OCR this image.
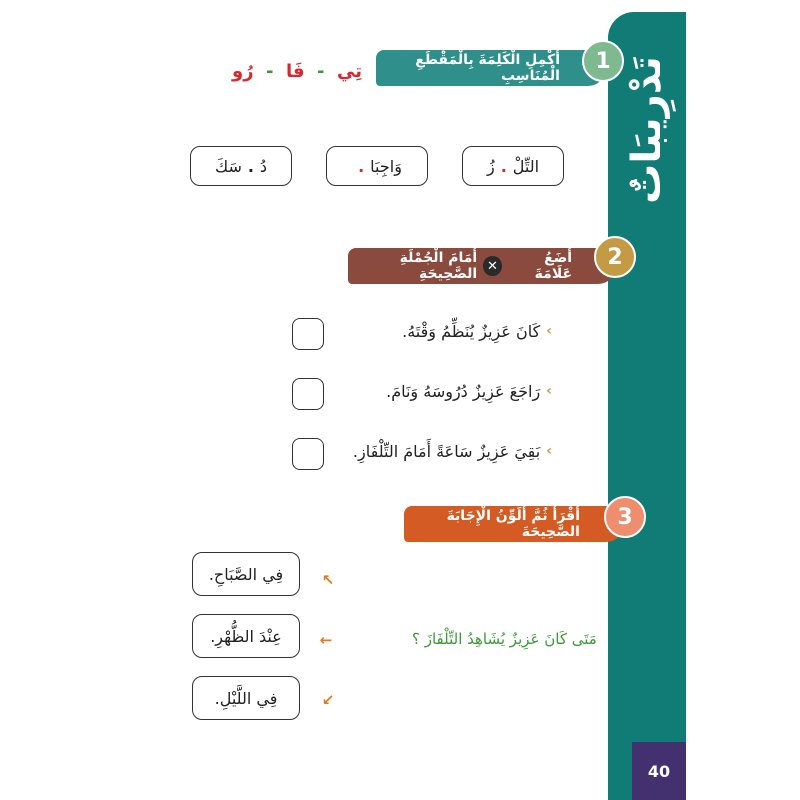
تَدْرِيبَاتٌ
40
أَكْمِلِ الْكَلِمَةَ بِالْمَقْطَعِ الْمُنَاسِبِ
1
تِي
-
فَا
-
رُو
التِّلْ
.
زُ
وَاجِبَا
.
دُ
.
سَكَ
أَضَعُ عَلَامَةَ
✕
أَمَامَ الْجُمْلَةِ الصَّحِيحَةِ
2
›
كَانَ عَزِيزٌ يُنَظِّمُ وَقْتَهُ.
›
رَاجَعَ عَزِيزٌ دُرُوسَهُ وَنَامَ.
›
بَقِيَ عَزِيزٌ سَاعَةً أَمَامَ التِّلْفَازِ.
أَقْرَأُ ثُمَّ أُلَوِّنُ الْإِجَابَةَ الصَّحِيحَةَ
3
مَتَى كَانَ عَزِيزٌ يُشَاهِدُ التِّلْفَازَ ؟
↖
←
↙
فِي الصَّبَاحِ.
عِنْدَ الظُّهْرِ.
فِي اللَّيْلِ.
